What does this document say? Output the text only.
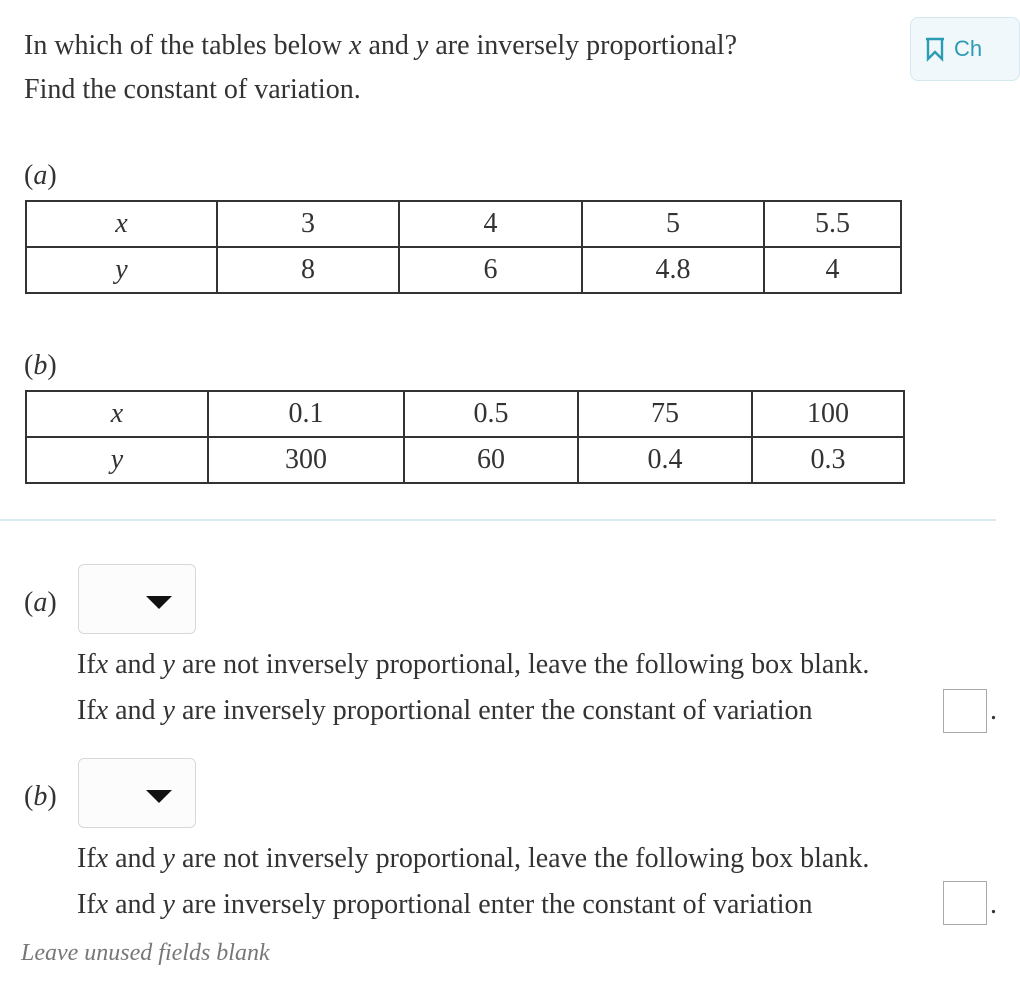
In which of the tables below x and y are inversely proportional?
Find the constant of variation.
Ch
(a)
x	3	4	5	5.5
y	8	6	4.8	4
(b)
x	0.1	0.5	75	100
y	300	60	0.4	0.3
(a)
Ifx and y are not inversely proportional, leave the following box blank.
Ifx and y are inversely proportional enter the constant of variation	.
(b)
Ifx and y are not inversely proportional, leave the following box blank.
Ifx and y are inversely proportional enter the constant of variation	.
Leave unused fields blank
